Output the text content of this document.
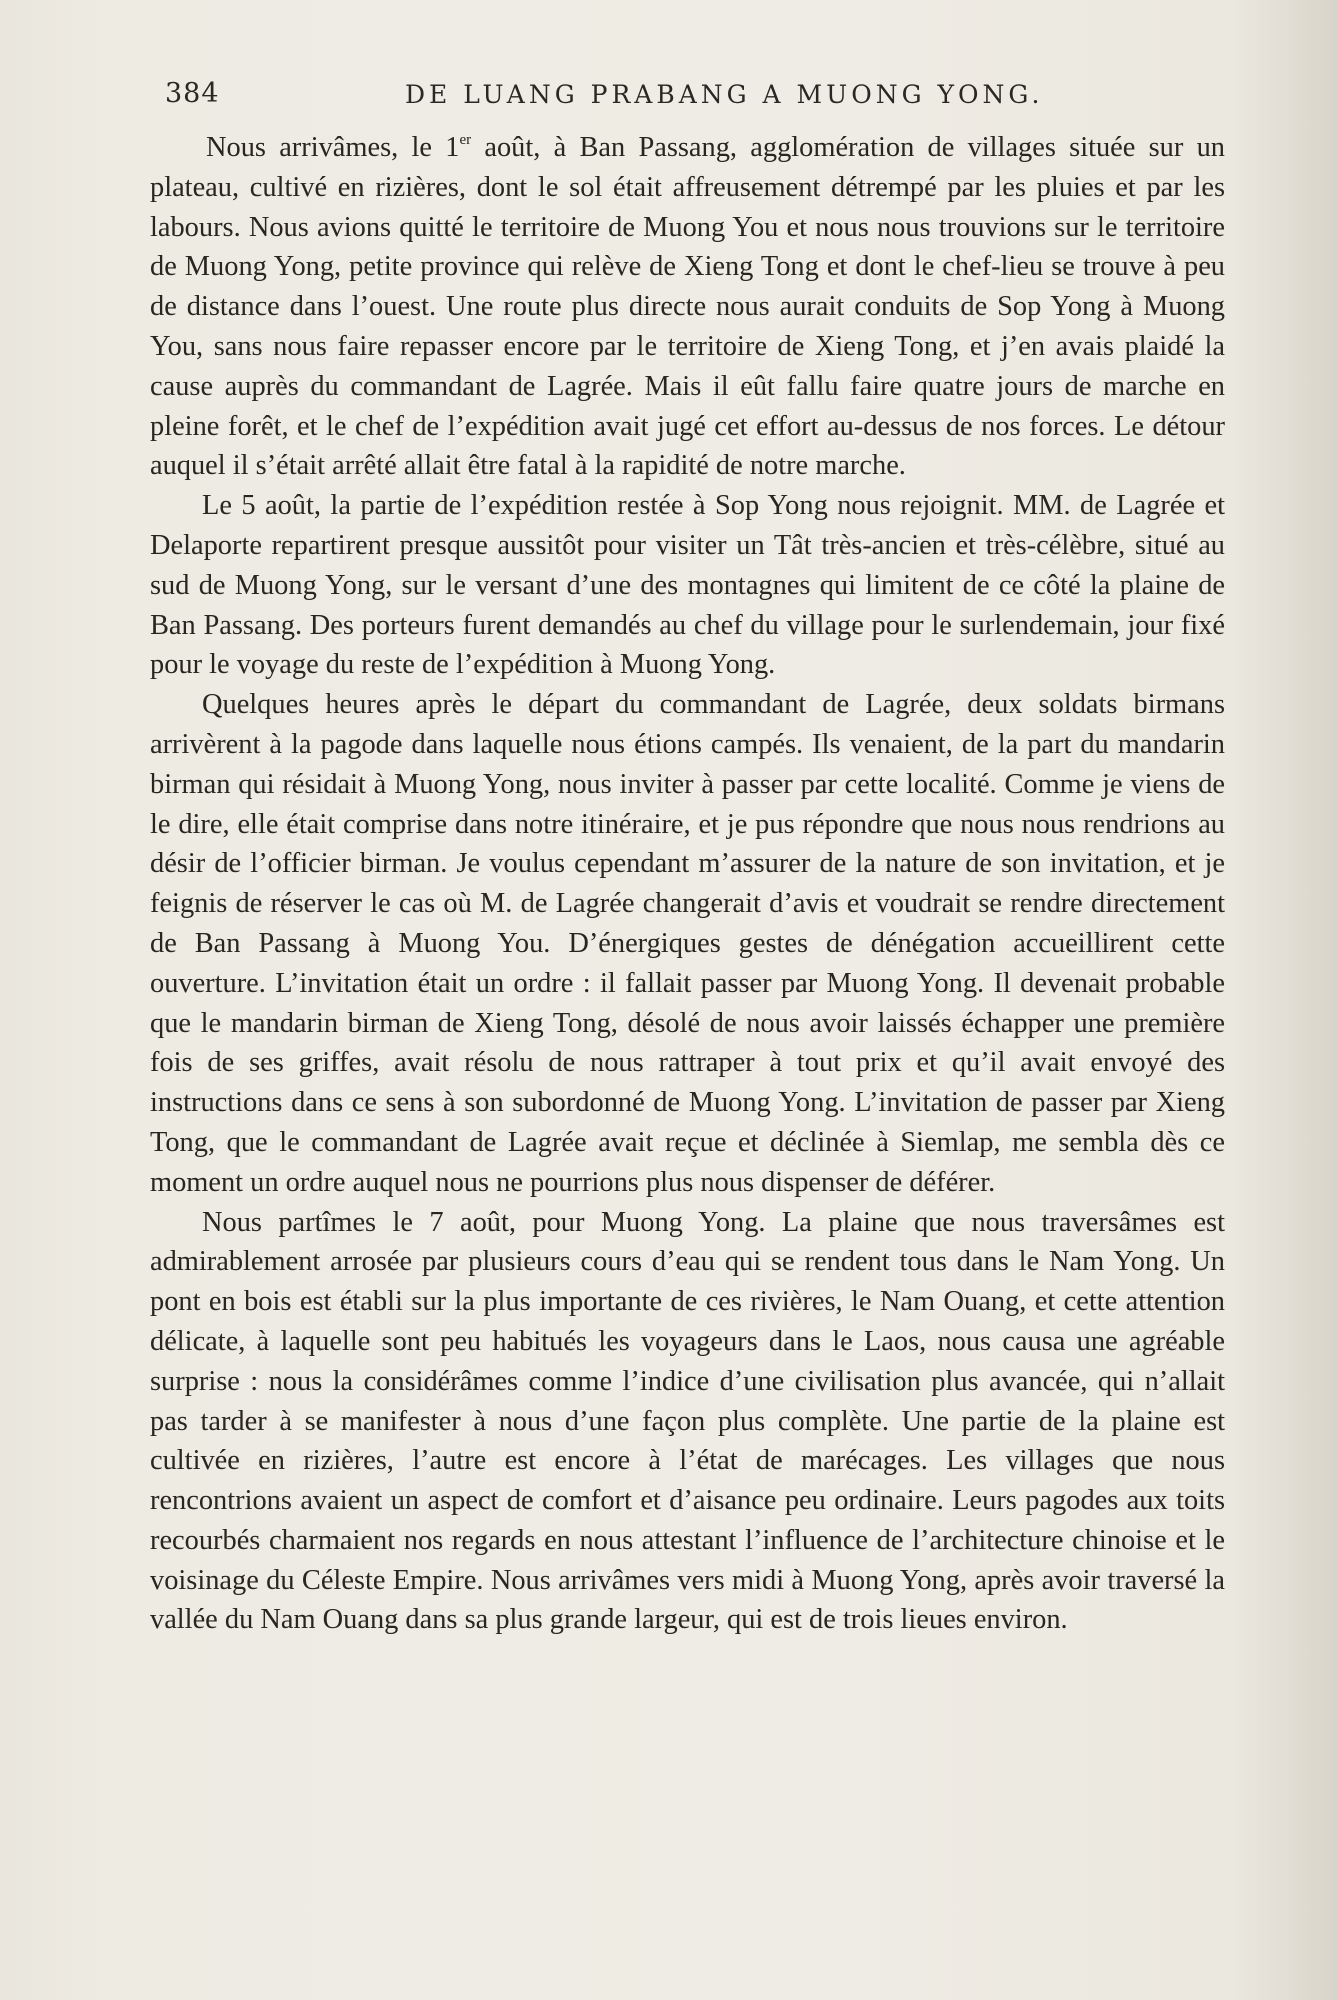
384	DE LUANG PRABANG A MUONG YONG.

Nous arrivâmes, le 1er août, à Ban Passang, agglomération de villages située sur un plateau, cultivé en rizières, dont le sol était affreusement détrempé par les pluies et par les labours. Nous avions quitté le territoire de Muong You et nous nous trouvions sur le territoire de Muong Yong, petite province qui relève de Xieng Tong et dont le chef-lieu se trouve à peu de distance dans l’ouest. Une route plus directe nous aurait conduits de Sop Yong à Muong You, sans nous faire repasser encore par le territoire de Xieng Tong, et j’en avais plaidé la cause auprès du commandant de Lagrée. Mais il eût fallu faire quatre jours de marche en pleine forêt, et le chef de l’expédition avait jugé cet effort au-dessus de nos forces. Le détour auquel il s’était arrêté allait être fatal à la rapidité de notre marche.

Le 5 août, la partie de l’expédition restée à Sop Yong nous rejoignit. MM. de Lagrée et Delaporte repartirent presque aussitôt pour visiter un Tât très-ancien et très-célèbre, situé au sud de Muong Yong, sur le versant d’une des montagnes qui limitent de ce côté la plaine de Ban Passang. Des porteurs furent demandés au chef du village pour le surlendemain, jour fixé pour le voyage du reste de l’expédition à Muong Yong.

Quelques heures après le départ du commandant de Lagrée, deux soldats birmans arrivèrent à la pagode dans laquelle nous étions campés. Ils venaient, de la part du mandarin birman qui résidait à Muong Yong, nous inviter à passer par cette localité. Comme je viens de le dire, elle était comprise dans notre itinéraire, et je pus répondre que nous nous rendrions au désir de l’officier birman. Je voulus cependant m’assurer de la nature de son invitation, et je feignis de réserver le cas où M. de Lagrée changerait d’avis et voudrait se rendre directement de Ban Passang à Muong You. D’énergiques gestes de dénégation accueillirent cette ouverture. L’invitation était un ordre : il fallait passer par Muong Yong. Il devenait probable que le mandarin birman de Xieng Tong, désolé de nous avoir laissés échapper une première fois de ses griffes, avait résolu de nous rattraper à tout prix et qu’il avait envoyé des instructions dans ce sens à son subordonné de Muong Yong. L’invitation de passer par Xieng Tong, que le commandant de Lagrée avait reçue et déclinée à Siemlap, me sembla dès ce moment un ordre auquel nous ne pourrions plus nous dispenser de déférer.

Nous partîmes le 7 août, pour Muong Yong. La plaine que nous traversâmes est admirablement arrosée par plusieurs cours d’eau qui se rendent tous dans le Nam Yong. Un pont en bois est établi sur la plus importante de ces rivières, le Nam Ouang, et cette attention délicate, à laquelle sont peu habitués les voyageurs dans le Laos, nous causa une agréable surprise : nous la considérâmes comme l’indice d’une civilisation plus avancée, qui n’allait pas tarder à se manifester à nous d’une façon plus complète. Une partie de la plaine est cultivée en rizières, l’autre est encore à l’état de marécages. Les villages que nous rencontrions avaient un aspect de comfort et d’aisance peu ordinaire. Leurs pagodes aux toits recourbés charmaient nos regards en nous attestant l’influence de l’architecture chinoise et le voisinage du Céleste Empire. Nous arrivâmes vers midi à Muong Yong, après avoir traversé la vallée du Nam Ouang dans sa plus grande largeur, qui est de trois lieues environ.
